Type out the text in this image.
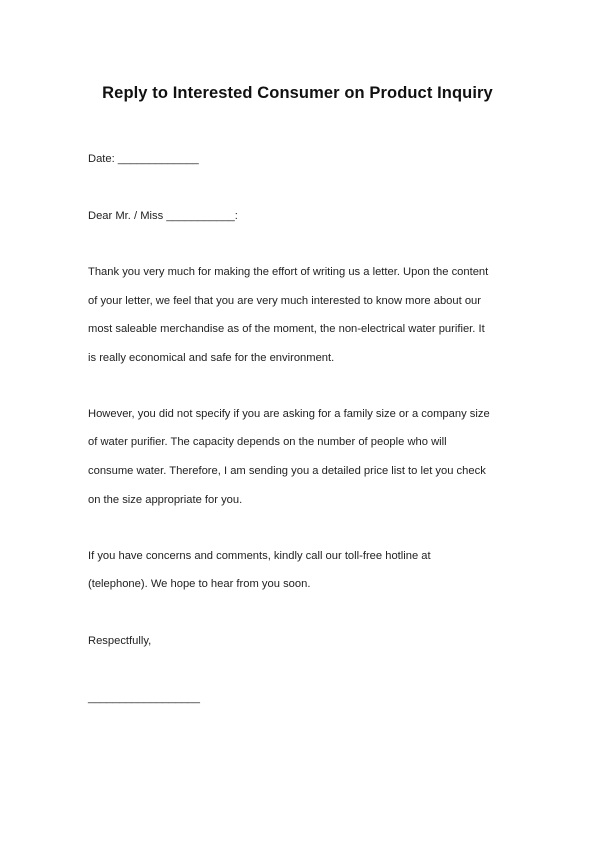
Reply to Interested Consumer on Product Inquiry
Date: _____________
Dear Mr. / Miss ___________:
Thank you very much for making the effort of writing us a letter. Upon the content
of your letter, we feel that you are very much interested to know more about our
most saleable merchandise as of the moment, the non-electrical water purifier. It
is really economical and safe for the environment.
However, you did not specify if you are asking for a family size or a company size
of water purifier. The capacity depends on the number of people who will
consume water. Therefore, I am sending you a detailed price list to let you check
on the size appropriate for you.
If you have concerns and comments, kindly call our toll-free hotline at
(telephone). We hope to hear from you soon.
Respectfully,
__________________
